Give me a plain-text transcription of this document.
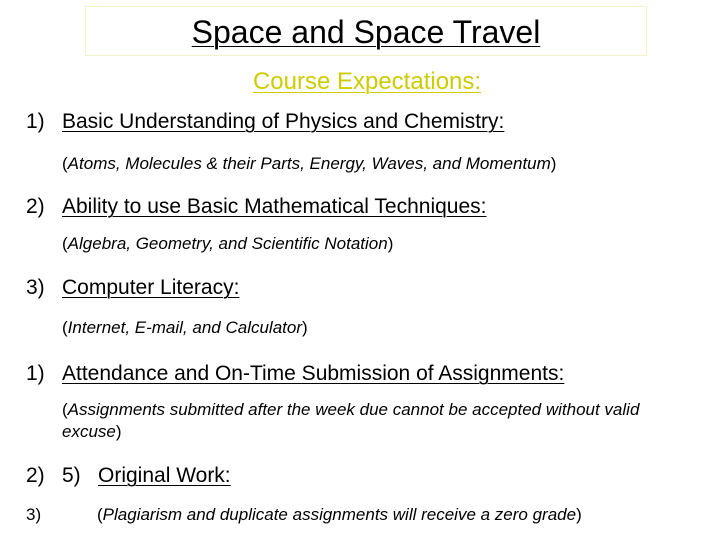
Space and Space Travel
Course Expectations:
1) Basic Understanding of Physics and Chemistry:
(Atoms, Molecules & their Parts, Energy, Waves, and Momentum)
2) Ability to use Basic Mathematical Techniques:
(Algebra, Geometry, and Scientific Notation)
3) Computer Literacy:
(Internet, E-mail, and Calculator)
1) Attendance and On-Time Submission of Assignments:
(Assignments submitted after the week due cannot be accepted without valid excuse)
2) 5) Original Work:
3)	(Plagiarism and duplicate assignments will receive a zero grade)
